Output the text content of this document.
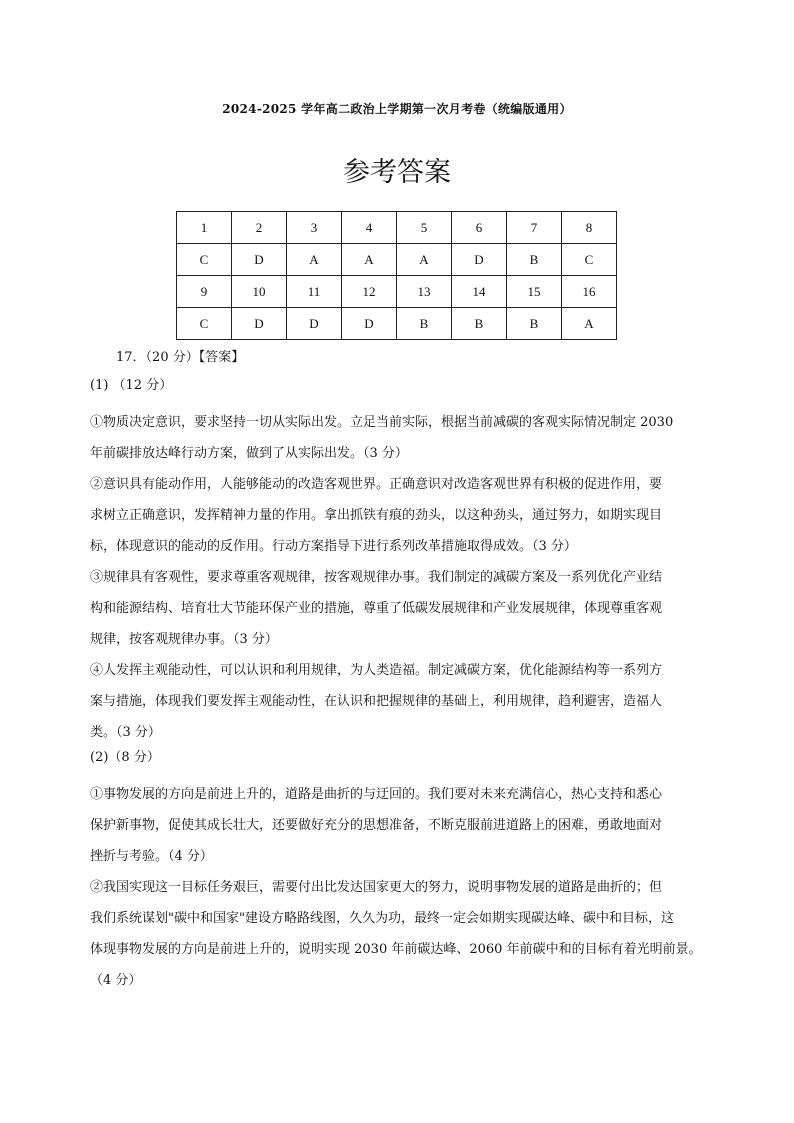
2024-2025 学年高二政治上学期第一次月考卷（统编版通用）
参考答案
1	2	3	4	5	6	7	8
C	D	A	A	A	D	B	C
9	10	11	12	13	14	15	16
C	D	D	D	B	B	B	A
17．（20 分）【答案】
(1) （12 分）
①物质决定意识，要求坚持一切从实际出发。立足当前实际，根据当前减碳的客观实际情况制定 2030
年前碳排放达峰行动方案，做到了从实际出发。（3 分）
②意识具有能动作用，人能够能动的改造客观世界。正确意识对改造客观世界有积极的促进作用，要
求树立正确意识，发挥精神力量的作用。拿出抓铁有痕的劲头，以这种劲头，通过努力，如期实现目
标，体现意识的能动的反作用。行动方案指导下进行系列改革措施取得成效。（3 分）
③规律具有客观性，要求尊重客观规律，按客观规律办事。我们制定的减碳方案及一系列优化产业结
构和能源结构、培育壮大节能环保产业的措施，尊重了低碳发展规律和产业发展规律，体现尊重客观
规律，按客观规律办事。（3 分）
④人发挥主观能动性，可以认识和利用规律，为人类造福。制定减碳方案，优化能源结构等一系列方
案与措施，体现我们要发挥主观能动性，在认识和把握规律的基础上，利用规律，趋利避害，造福人
类。（3 分）
(2)（8 分）
①事物发展的方向是前进上升的，道路是曲折的与迂回的。我们要对未来充满信心，热心支持和悉心
保护新事物，促使其成长壮大，还要做好充分的思想准备，不断克服前进道路上的困难，勇敢地面对
挫折与考验。（4 分）
②我国实现这一目标任务艰巨，需要付出比发达国家更大的努力，说明事物发展的道路是曲折的；但
我们系统谋划"碳中和国家"建设方略路线图，久久为功，最终一定会如期实现碳达峰、碳中和目标，这
体现事物发展的方向是前进上升的，说明实现 2030 年前碳达峰、2060 年前碳中和的目标有着光明前景。
（4 分）
